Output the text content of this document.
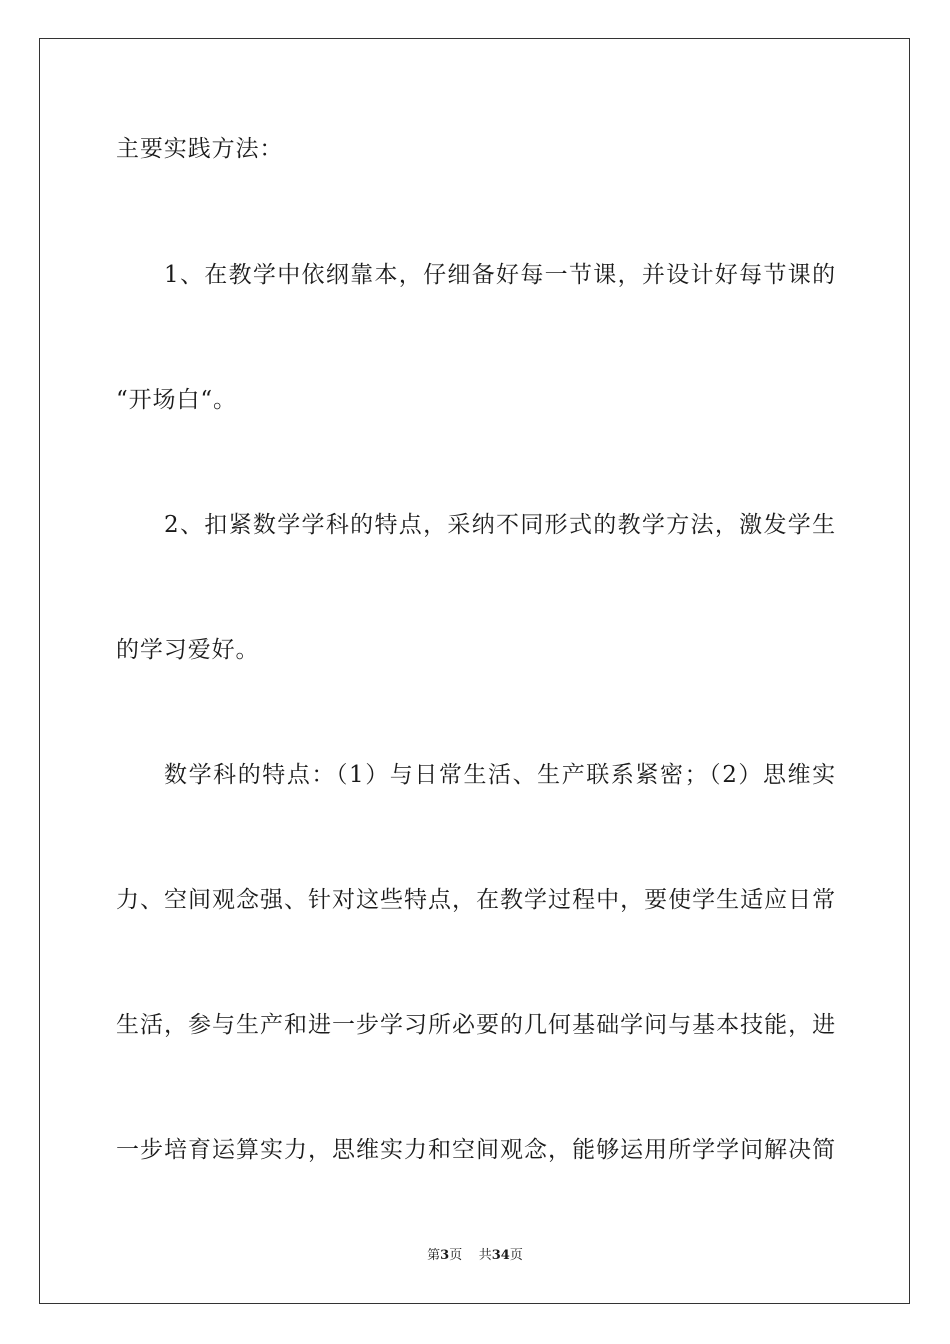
主要实践方法：
1、在教学中依纲靠本，仔细备好每一节课，并设计好每节课的
“开场白“。
2、扣紧数学学科的特点，采纳不同形式的教学方法，激发学生
的学习爱好。
数学科的特点：（1）与日常生活、生产联系紧密；（2）思维实
力、空间观念强、针对这些特点，在教学过程中，要使学生适应日常
生活，参与生产和进一步学习所必要的几何基础学问与基本技能，进
一步培育运算实力，思维实力和空间观念，能够运用所学学问解决简
第3页 共34页
